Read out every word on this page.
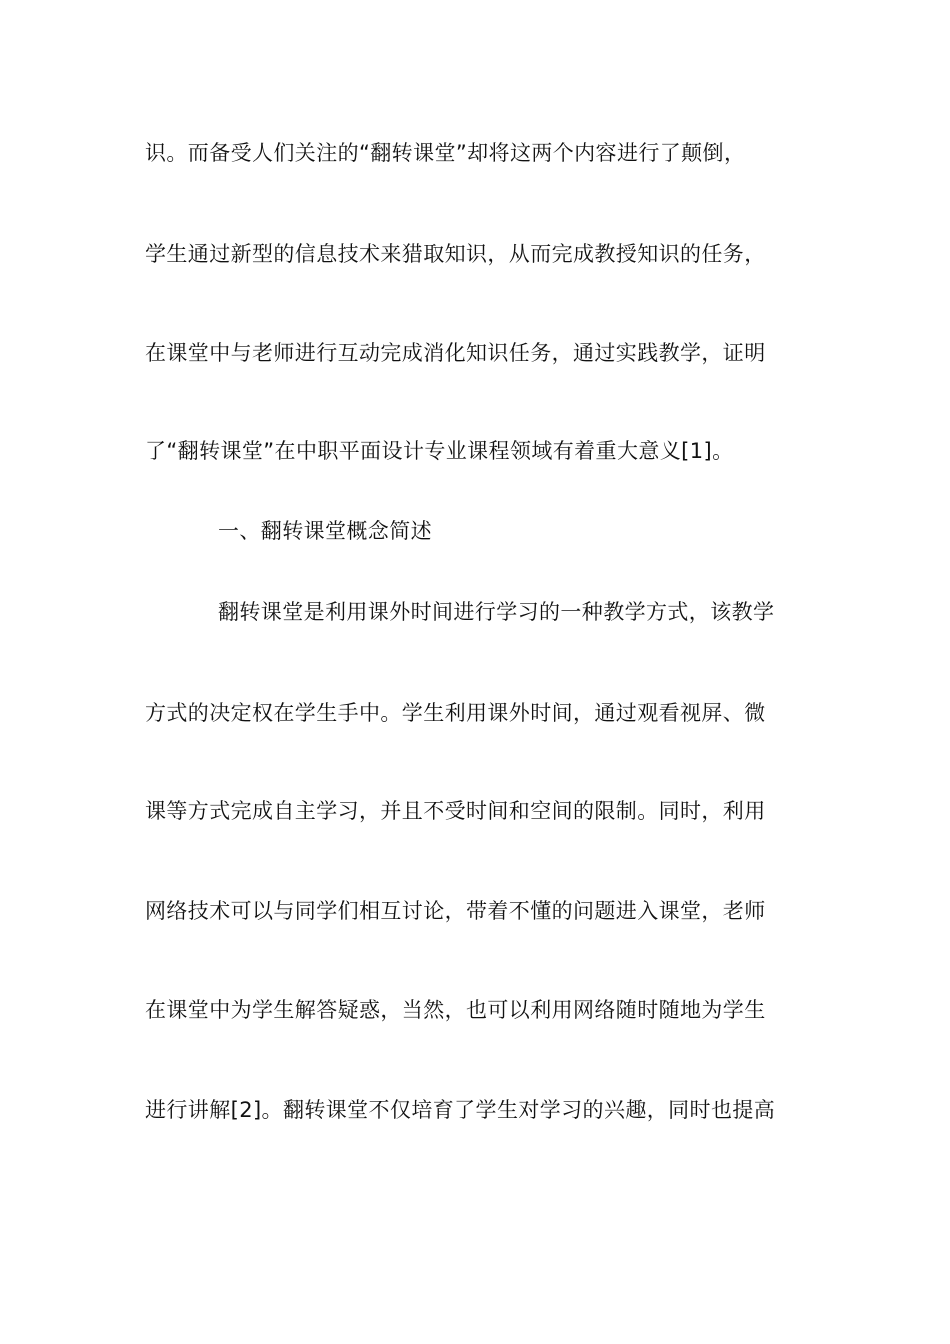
识。而备受人们关注的“翻转课堂”却将这两个内容进行了颠倒，
学生通过新型的信息技术来猎取知识，从而完成教授知识的任务，
在课堂中与老师进行互动完成消化知识任务，通过实践教学，证明
了“翻转课堂”在中职平面设计专业课程领域有着重大意义[1]。
一、翻转课堂概念简述
翻转课堂是利用课外时间进行学习的一种教学方式，该教学
方式的决定权在学生手中。学生利用课外时间，通过观看视屏、微
课等方式完成自主学习，并且不受时间和空间的限制。同时，利用
网络技术可以与同学们相互讨论，带着不懂的问题进入课堂，老师
在课堂中为学生解答疑惑，当然，也可以利用网络随时随地为学生
进行讲解[2]。翻转课堂不仅培育了学生对学习的兴趣，同时也提高
